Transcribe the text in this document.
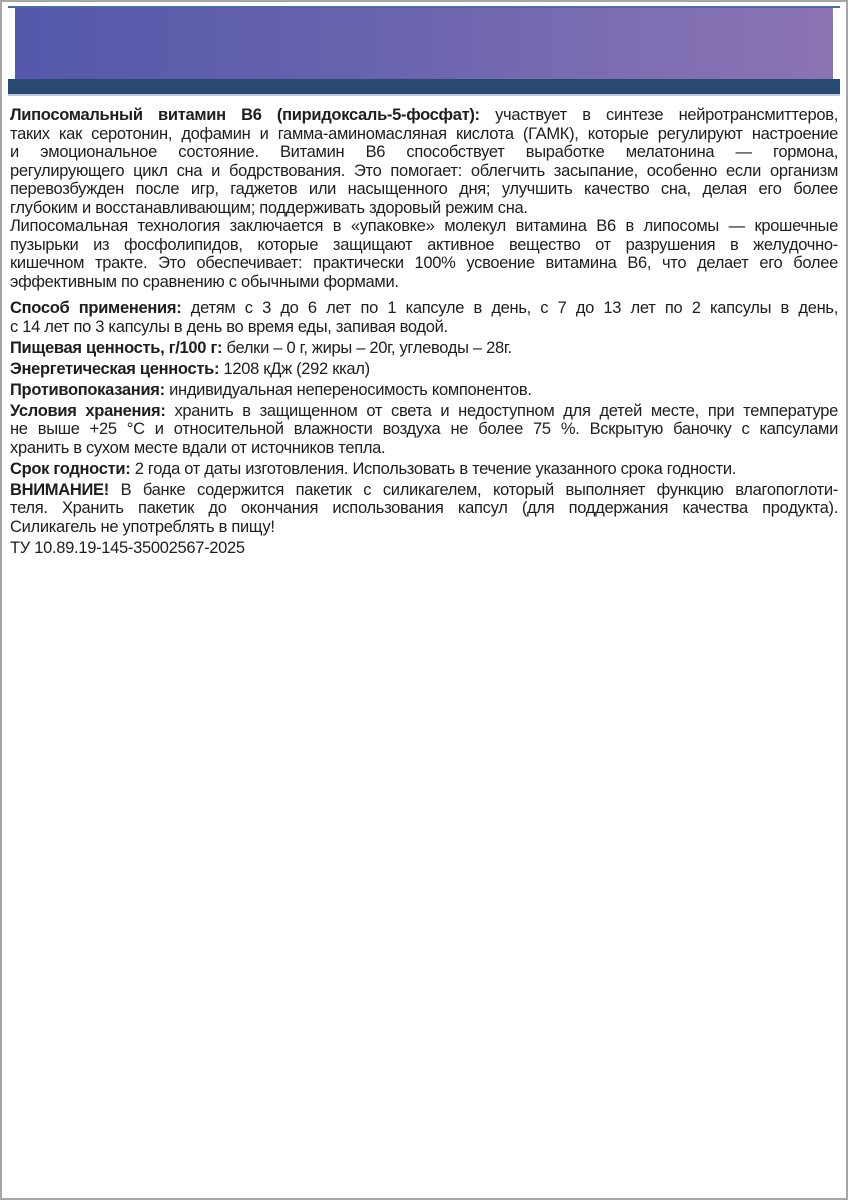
Липосомальный витамин В6 (пиридоксаль-5-фосфат): участвует в синтезе нейротрансмиттеров,
таких как серотонин, дофамин и гамма-аминомасляная кислота (ГАМК), которые регулируют настроение
и эмоциональное состояние. Витамин В6 способствует выработке мелатонина — гормона,
регулирующего цикл сна и бодрствования. Это помогает: облегчить засыпание, особенно если организм
перевозбужден после игр, гаджетов или насыщенного дня; улучшить качество сна, делая его более
глубоким и восстанавливающим; поддерживать здоровый режим сна.
Липосомальная технология заключается в «упаковке» молекул витамина В6 в липосомы — крошечные
пузырьки из фосфолипидов, которые защищают активное вещество от разрушения в желудочно-
кишечном тракте. Это обеспечивает: практически 100% усвоение витамина В6, что делает его более
эффективным по сравнению с обычными формами.
Способ применения: детям с 3 до 6 лет по 1 капсуле в день, с 7 до 13 лет по 2 капсулы в день,
с 14 лет по 3 капсулы в день во время еды, запивая водой.
Пищевая ценность, г/100 г: белки – 0 г, жиры – 20г, углеводы – 28г.
Энергетическая ценность: 1208 кДж (292 ккал)
Противопоказания: индивидуальная непереносимость компонентов.
Условия хранения: хранить в защищенном от света и недоступном для детей месте, при температуре
не выше +25 °С и относительной влажности воздуха не более 75 %. Вскрытую баночку с капсулами
хранить в сухом месте вдали от источников тепла.
Срок годности: 2 года от даты изготовления. Использовать в течение указанного срока годности.
ВНИМАНИЕ! В банке содержится пакетик с силикагелем, который выполняет функцию влагопоглоти-
теля. Хранить пакетик до окончания использования капсул (для поддержания качества продукта).
Силикагель не употреблять в пищу!
ТУ 10.89.19-145-35002567-2025
